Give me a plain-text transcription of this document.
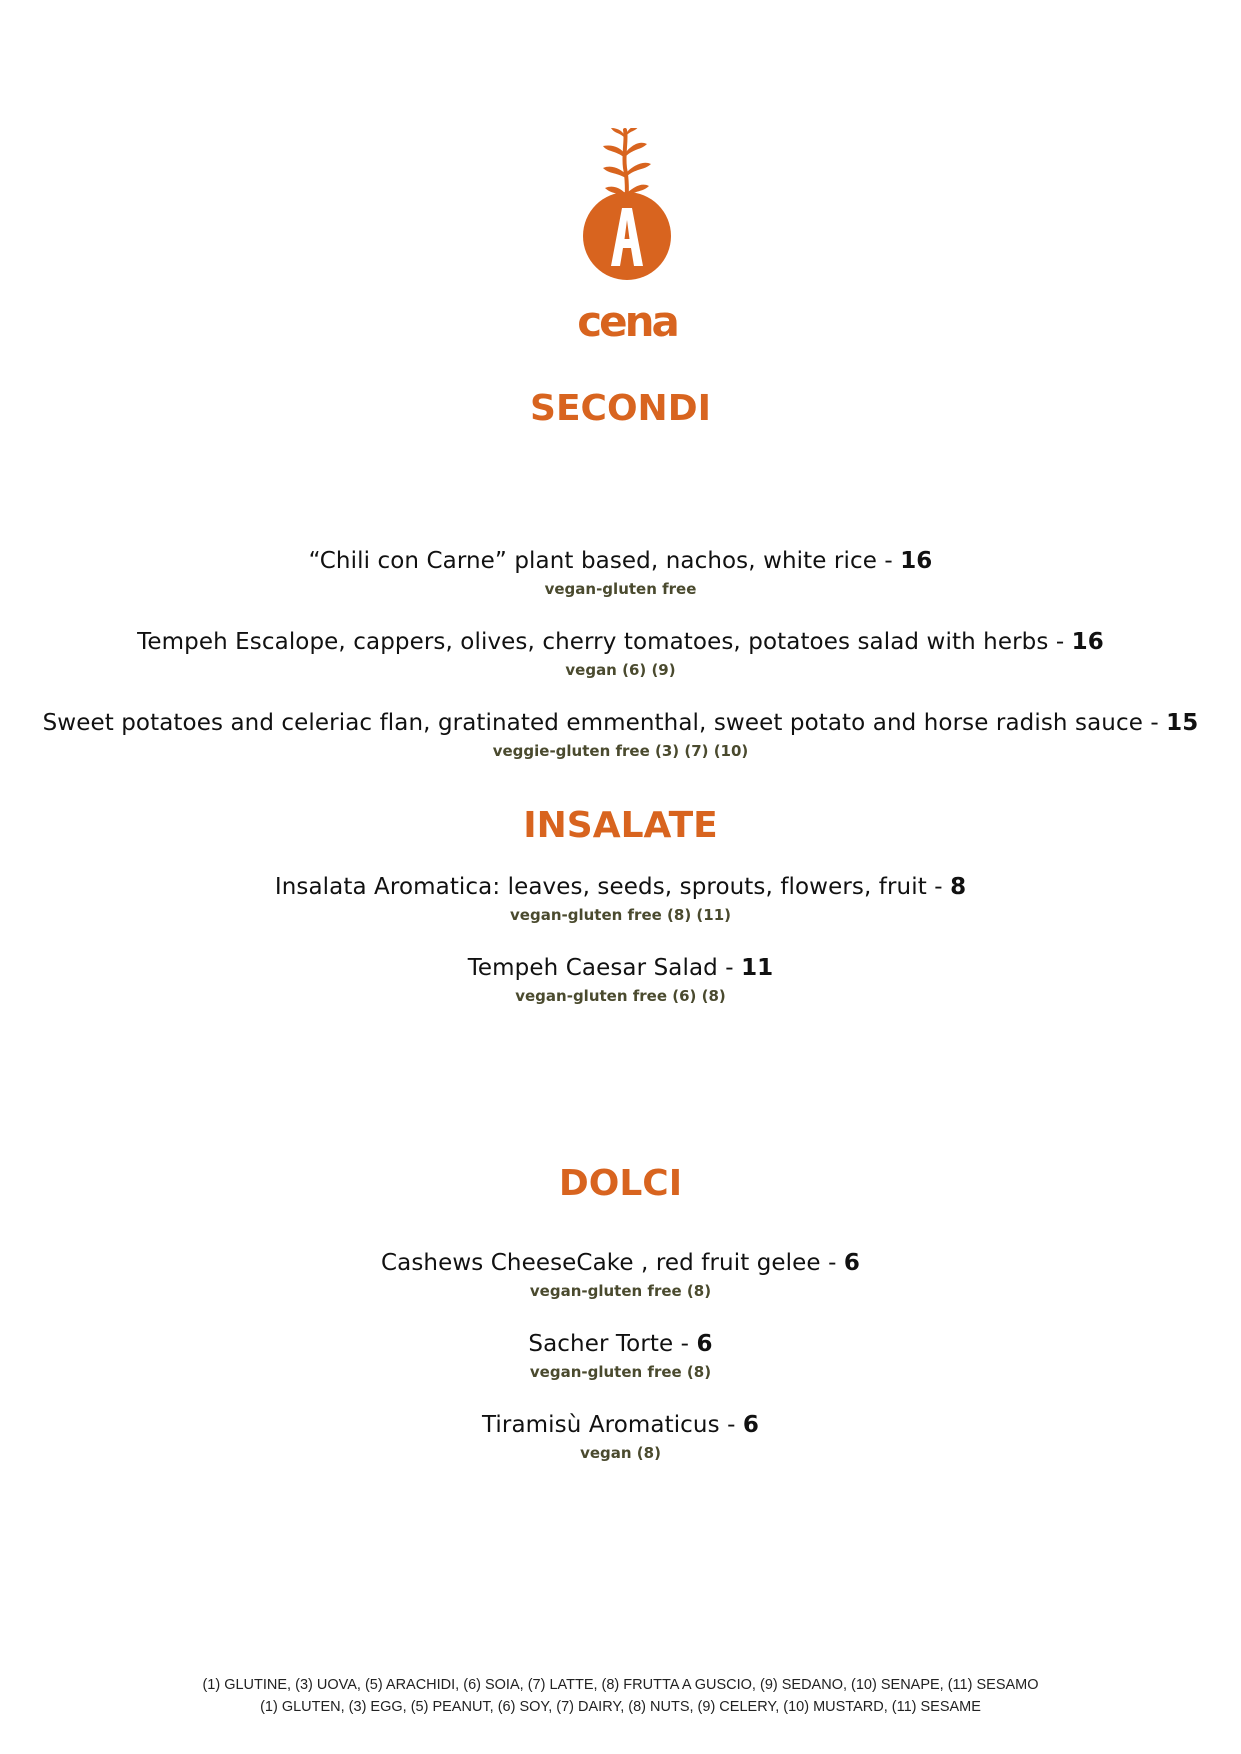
cena
SECONDI
“Chili con Carne” plant based, nachos, white rice - 16
vegan-gluten free
Tempeh Escalope, cappers, olives, cherry tomatoes, potatoes salad with herbs - 16
vegan (6) (9)
Sweet potatoes and celeriac flan, gratinated emmenthal, sweet potato and horse radish sauce - 15
veggie-gluten free (3) (7) (10)
INSALATE
Insalata Aromatica: leaves, seeds, sprouts, flowers, fruit - 8
vegan-gluten free (8) (11)
Tempeh Caesar Salad - 11
vegan-gluten free (6) (8)
DOLCI
Cashews CheeseCake , red fruit gelee - 6
vegan-gluten free (8)
Sacher Torte - 6
vegan-gluten free (8)
Tiramisù Aromaticus - 6
vegan (8)
(1) GLUTINE, (3) UOVA, (5) ARACHIDI, (6) SOIA, (7) LATTE, (8) FRUTTA A GUSCIO, (9) SEDANO, (10) SENAPE, (11) SESAMO
(1) GLUTEN, (3) EGG, (5) PEANUT, (6) SOY, (7) DAIRY, (8) NUTS, (9) CELERY, (10) MUSTARD, (11) SESAME
